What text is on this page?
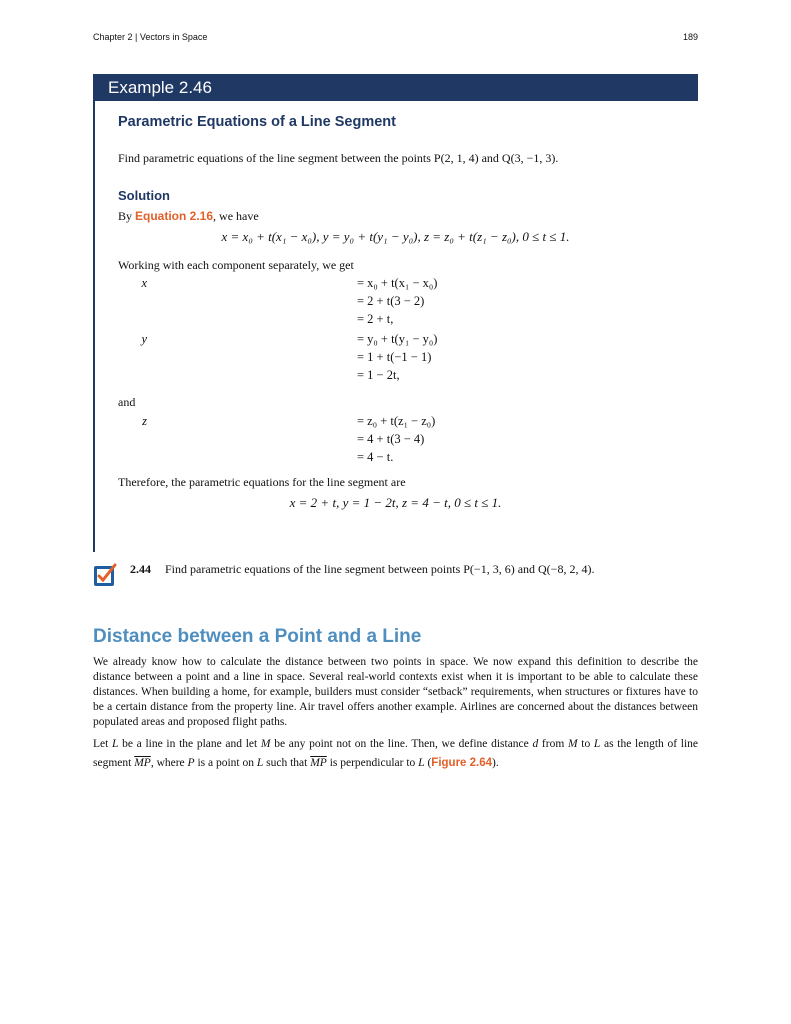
Chapter 2 | Vectors in Space	189
Example 2.46
Parametric Equations of a Line Segment
Find parametric equations of the line segment between the points P(2, 1, 4) and Q(3, −1, 3).
Solution
By Equation 2.16, we have
x = x₀ + t(x₁ − x₀), y = y₀ + t(y₁ − y₀), z = z₀ + t(z₁ − z₀), 0 ≤ t ≤ 1.
Working with each component separately, we get
x	= x₀ + t(x₁ − x₀)
= 2 + t(3 − 2)
= 2 + t,
y	= y₀ + t(y₁ − y₀)
= 1 + t(−1 − 1)
= 1 − 2t,
and
z	= z₀ + t(z₁ − z₀)
= 4 + t(3 − 4)
= 4 − t.
Therefore, the parametric equations for the line segment are
x = 2 + t, y = 1 − 2t, z = 4 − t, 0 ≤ t ≤ 1.
2.44 Find parametric equations of the line segment between points P(−1, 3, 6) and Q(−8, 2, 4).
Distance between a Point and a Line
We already know how to calculate the distance between two points in space. We now expand this definition to describe the distance between a point and a line in space. Several real-world contexts exist when it is important to be able to calculate these distances. When building a home, for example, builders must consider “setback” requirements, when structures or fixtures have to be a certain distance from the property line. Air travel offers another example. Airlines are concerned about the distances between populated areas and proposed flight paths.
Let L be a line in the plane and let M be any point not on the line. Then, we define distance d from M to L as the length of line segment $\overline{MP}$, where P is a point on L such that $\overline{MP}$ is perpendicular to L (Figure 2.64).
